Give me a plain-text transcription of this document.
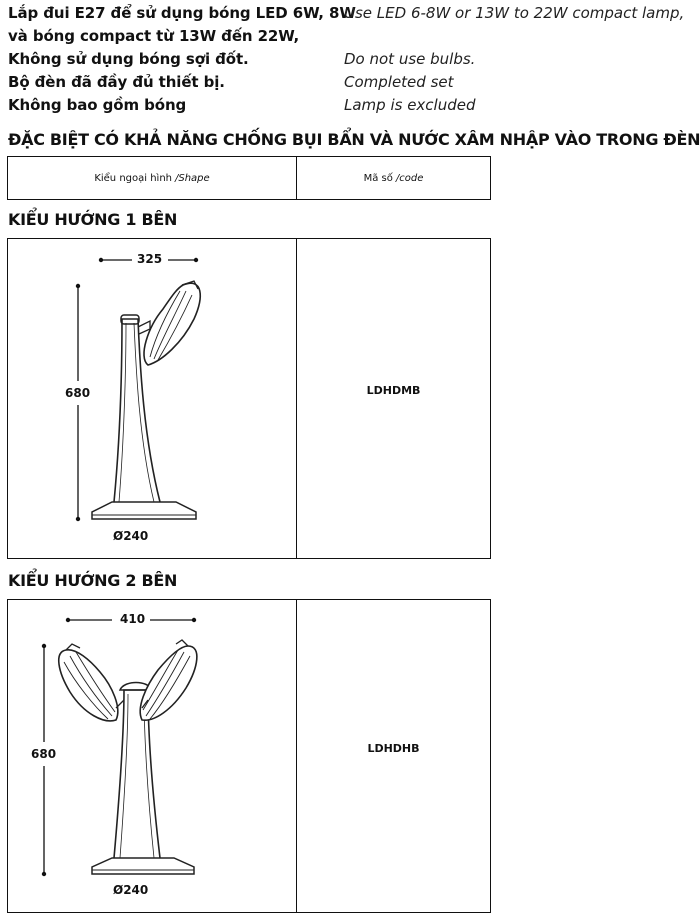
Lắp đui E27 để sử dụng bóng LED 6W, 8W
và bóng compact từ 13W đến 22W,
Không sử dụng bóng sợi đốt.
Bộ đèn đã đầy đủ thiết bị.
Không bao gồm bóng
Use LED 6-8W or 13W to 22W compact lamp,
Do not use bulbs.
Completed set
Lamp is excluded
ĐẶC BIỆT CÓ KHẢ NĂNG CHỐNG BỤI BẨN VÀ NƯỚC XÂM NHẬP VÀO TRONG ĐÈN
Kiểu ngoại hình /Shape	Mã số /code
KIỂU HƯỚNG 1 BÊN
325
680
Ø240
LDHDMB
KIỂU HƯỚNG 2 BÊN
410
680
Ø240
LDHDHB
